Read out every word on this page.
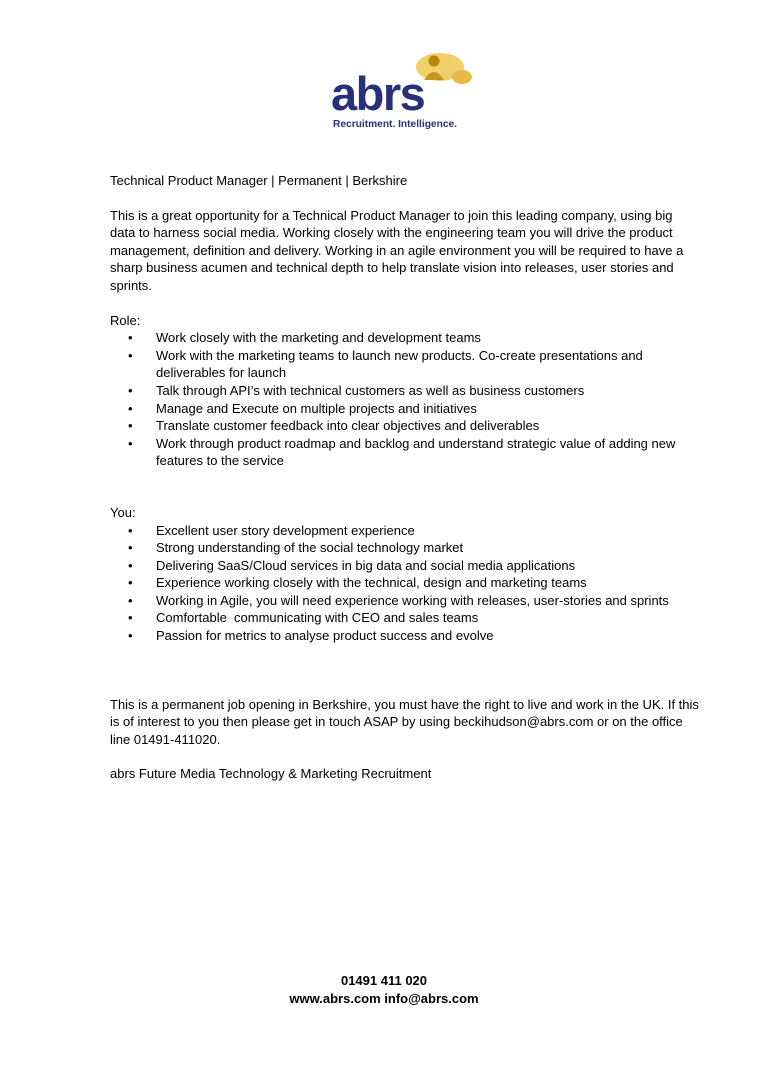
abrs
Recruitment. Intelligence.

Technical Product Manager | Permanent | Berkshire

This is a great opportunity for a Technical Product Manager to join this leading company, using big
data to harness social media. Working closely with the engineering team you will drive the product
management, definition and delivery. Working in an agile environment you will be required to have a
sharp business acumen and technical depth to help translate vision into releases, user stories and
sprints.

Role:
• Work closely with the marketing and development teams
• Work with the marketing teams to launch new products. Co-create presentations and
deliverables for launch
• Talk through API’s with technical customers as well as business customers
• Manage and Execute on multiple projects and initiatives
• Translate customer feedback into clear objectives and deliverables
• Work through product roadmap and backlog and understand strategic value of adding new
features to the service
You:
• Excellent user story development experience
• Strong understanding of the social technology market
• Delivering SaaS/Cloud services in big data and social media applications
• Experience working closely with the technical, design and marketing teams
• Working in Agile, you will need experience working with releases, user-stories and sprints
• Comfortable  communicating with CEO and sales teams
• Passion for metrics to analyse product success and evolve

This is a permanent job opening in Berkshire, you must have the right to live and work in the UK. If this
is of interest to you then please get in touch ASAP by using beckihudson@abrs.com or on the office
line 01491-411020.

abrs Future Media Technology & Marketing Recruitment

01491 411 020
www.abrs.com info@abrs.com
